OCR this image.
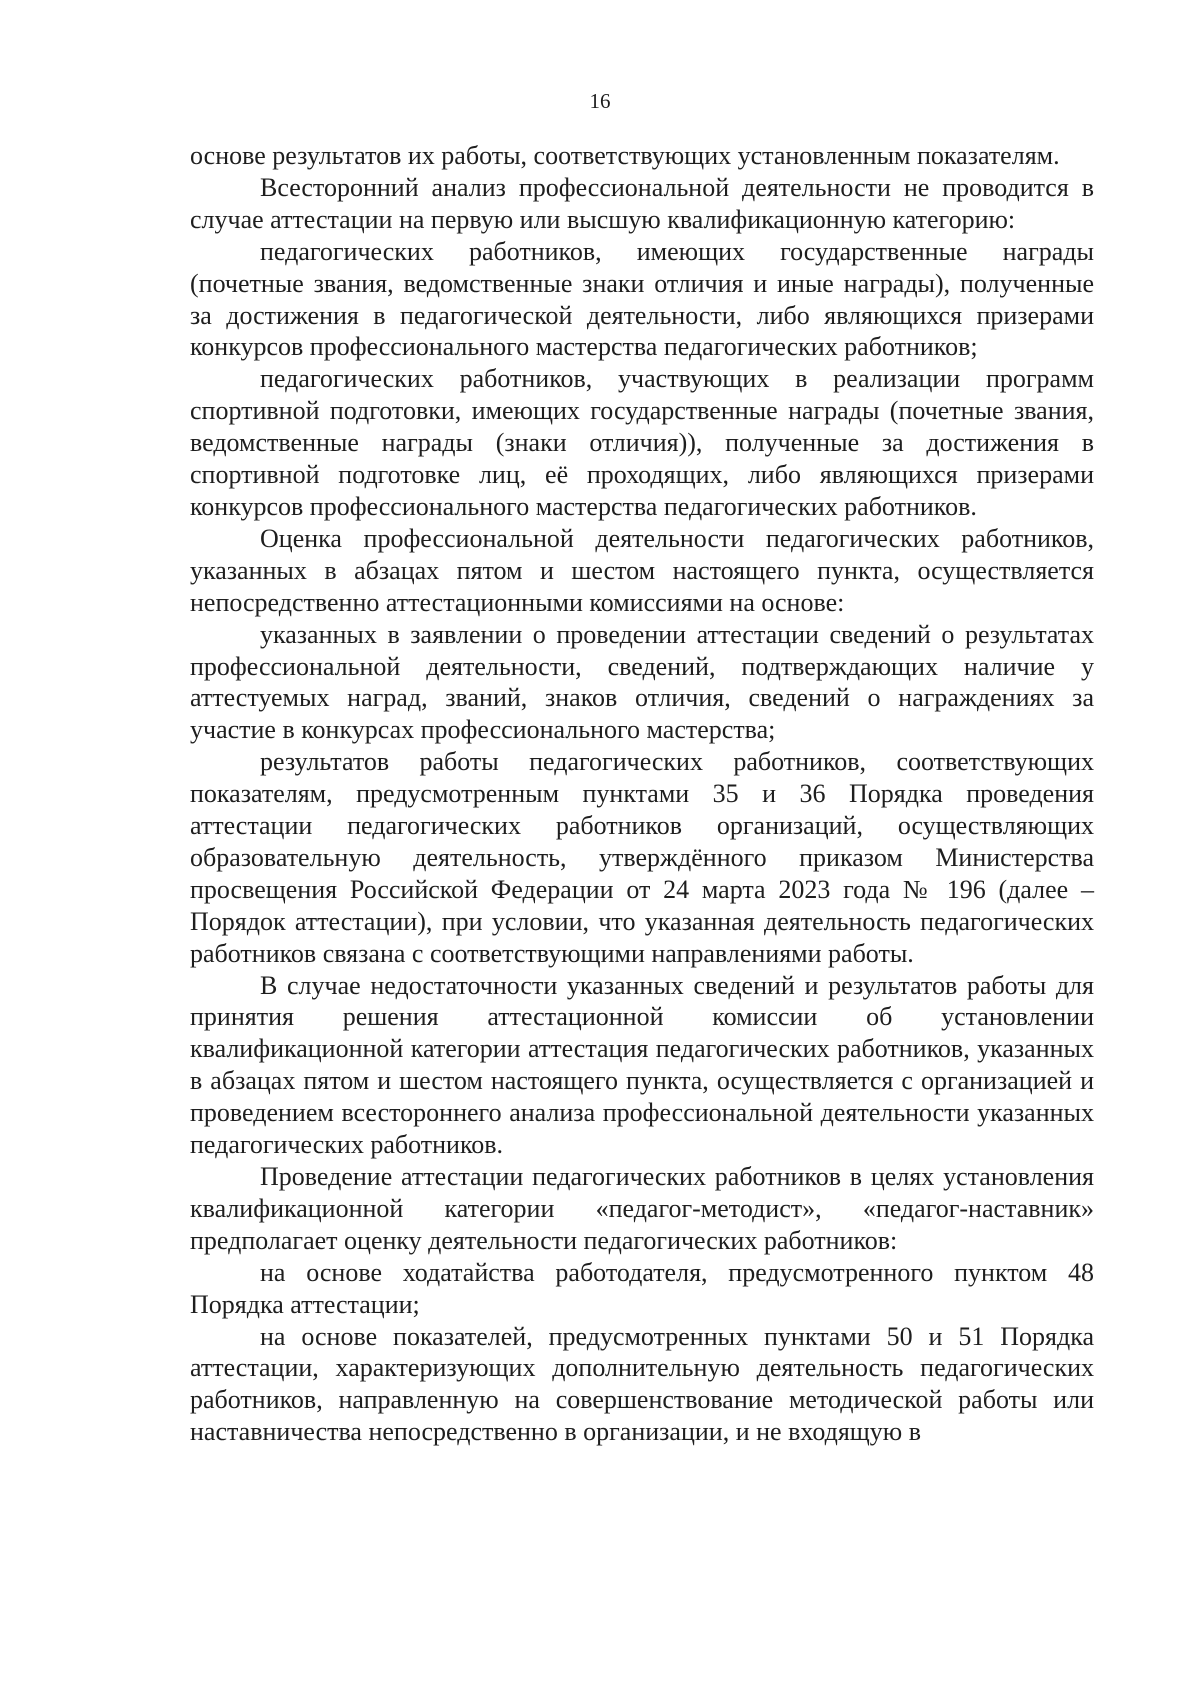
16

основе результатов их работы, соответствующих установленным показателям.

Всесторонний анализ профессиональной деятельности не проводится в случае аттестации на первую или высшую квалификационную категорию:

педагогических работников, имеющих государственные награды (почетные звания, ведомственные знаки отличия и иные награды), полученные за достижения в педагогической деятельности, либо являющихся призерами конкурсов профессионального мастерства педагогических работников;

педагогических работников, участвующих в реализации программ спортивной подготовки, имеющих государственные награды (почетные звания, ведомственные награды (знаки отличия)), полученные за достижения в спортивной подготовке лиц, её проходящих, либо являющихся призерами конкурсов профессионального мастерства педагогических работников.

Оценка профессиональной деятельности педагогических работников, указанных в абзацах пятом и шестом настоящего пункта, осуществляется непосредственно аттестационными комиссиями на основе:

указанных в заявлении о проведении аттестации сведений о результатах профессиональной деятельности, сведений, подтверждающих наличие у аттестуемых наград, званий, знаков отличия, сведений о награждениях за участие в конкурсах профессионального мастерства;

результатов работы педагогических работников, соответствующих показателям, предусмотренным пунктами 35 и 36 Порядка проведения аттестации педагогических работников организаций, осуществляющих образовательную деятельность, утверждённого приказом Министерства просвещения Российской Федерации от 24 марта 2023 года № 196 (далее – Порядок аттестации), при условии, что указанная деятельность педагогических работников связана с соответствующими направлениями работы.

В случае недостаточности указанных сведений и результатов работы для принятия решения аттестационной комиссии об установлении квалификационной категории аттестация педагогических работников, указанных в абзацах пятом и шестом настоящего пункта, осуществляется с организацией и проведением всестороннего анализа профессиональной деятельности указанных педагогических работников.

Проведение аттестации педагогических работников в целях установления квалификационной категории «педагог-методист», «педагог-наставник» предполагает оценку деятельности педагогических работников:

на основе ходатайства работодателя, предусмотренного пунктом 48 Порядка аттестации;

на основе показателей, предусмотренных пунктами 50 и 51 Порядка аттестации, характеризующих дополнительную деятельность педагогических работников, направленную на совершенствование методической работы или наставничества непосредственно в организации, и не входящую в
